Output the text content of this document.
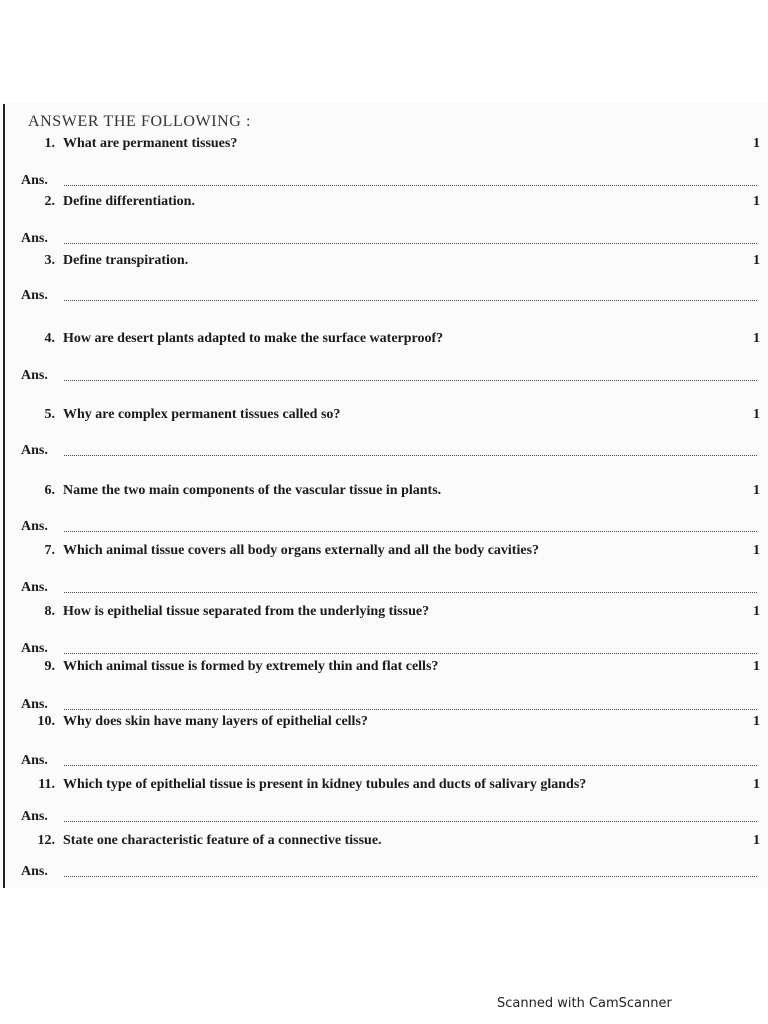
ANSWER THE FOLLOWING :
1. What are permanent tissues?	1
Ans.
2. Define differentiation.	1
Ans.
3. Define transpiration.	1
Ans.
4. How are desert plants adapted to make the surface waterproof?	1
Ans.
5. Why are complex permanent tissues called so?	1
Ans.
6. Name the two main components of the vascular tissue in plants.	1
Ans.
7. Which animal tissue covers all body organs externally and all the body cavities?	1
Ans.
8. How is epithelial tissue separated from the underlying tissue?	1
Ans.
9. Which animal tissue is formed by extremely thin and flat cells?	1
Ans.
10. Why does skin have many layers of epithelial cells?	1
Ans.
11. Which type of epithelial tissue is present in kidney tubules and ducts of salivary glands?	1
Ans.
12. State one characteristic feature of a connective tissue.	1
Ans.
Scanned with CamScanner
